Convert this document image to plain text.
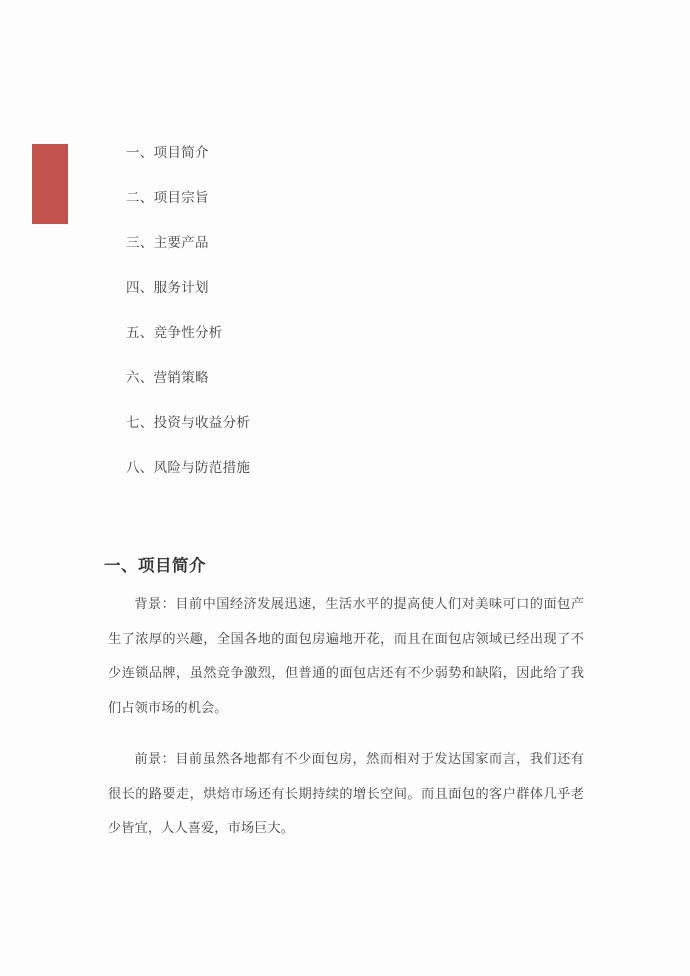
一、项目简介
二、项目宗旨
三、主要产品
四、服务计划
五、竞争性分析
六、营销策略
七、投资与收益分析
八、风险与防范措施
一、项目简介

背景：目前中国经济发展迅速，生活水平的提高使人们对美味可口的面包产生了浓厚的兴趣，全国各地的面包房遍地开花，而且在面包店领域已经出现了不少连锁品牌，虽然竞争激烈，但普通的面包店还有不少弱势和缺陷，因此给了我们占领市场的机会。

前景：目前虽然各地都有不少面包房，然而相对于发达国家而言，我们还有很长的路要走，烘焙市场还有长期持续的增长空间。而且面包的客户群体几乎老少皆宜，人人喜爱，市场巨大。
